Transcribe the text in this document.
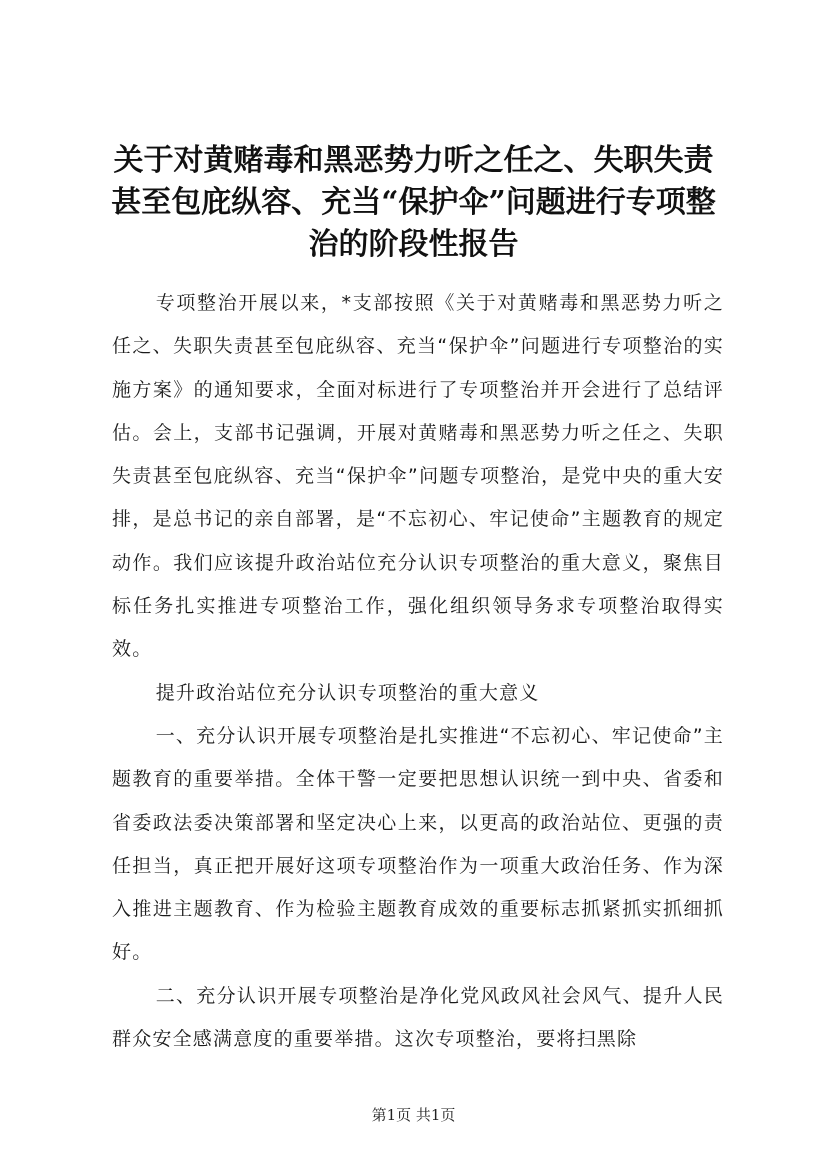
关于对黄赌毒和黑恶势力听之任之、失职失责甚至包庇纵容、充当“保护伞”问题进行专项整治的阶段性报告

专项整治开展以来，*支部按照《关于对黄赌毒和黑恶势力听之任之、失职失责甚至包庇纵容、充当“保护伞”问题进行专项整治的实施方案》的通知要求，全面对标进行了专项整治并开会进行了总结评估。会上，支部书记强调，开展对黄赌毒和黑恶势力听之任之、失职失责甚至包庇纵容、充当“保护伞”问题专项整治，是党中央的重大安排，是总书记的亲自部署，是“不忘初心、牢记使命”主题教育的规定动作。我们应该提升政治站位充分认识专项整治的重大意义，聚焦目标任务扎实推进专项整治工作，强化组织领导务求专项整治取得实效。

提升政治站位充分认识专项整治的重大意义

一、充分认识开展专项整治是扎实推进“不忘初心、牢记使命”主题教育的重要举措。全体干警一定要把思想认识统一到中央、省委和省委政法委决策部署和坚定决心上来，以更高的政治站位、更强的责任担当，真正把开展好这项专项整治作为一项重大政治任务、作为深入推进主题教育、作为检验主题教育成效的重要标志抓紧抓实抓细抓好。

二、充分认识开展专项整治是净化党风政风社会风气、提升人民群众安全感满意度的重要举措。这次专项整治，要将扫黑除

第1页 共1页
